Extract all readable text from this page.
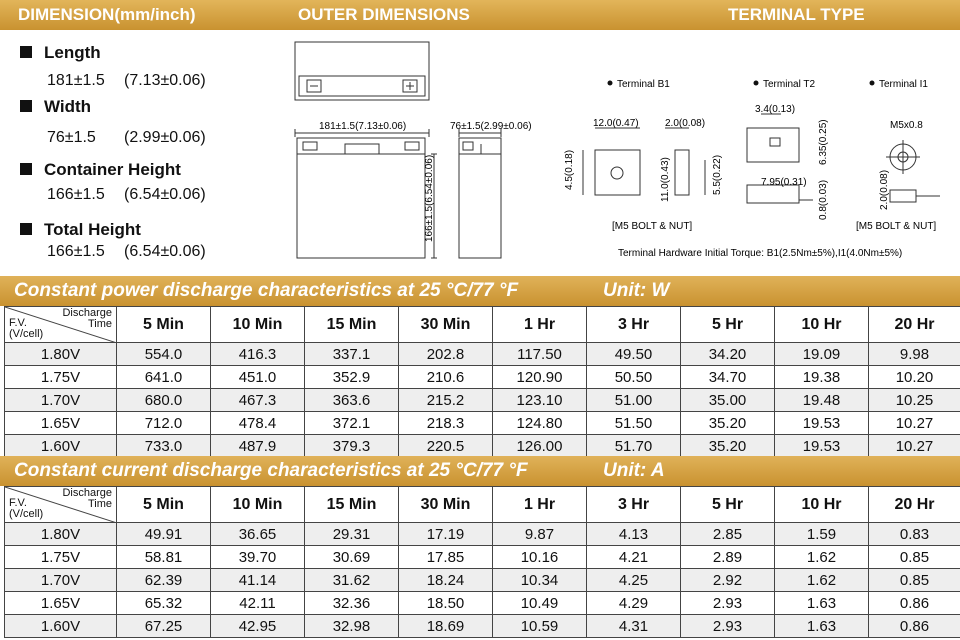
DIMENSION(mm/inch)	OUTER DIMENSIONS	TERMINAL TYPE
Length
181±1.5 (7.13±0.06)
Width
76±1.5 (2.99±0.06)
Container Height
166±1.5 (6.54±0.06)
Total Height
166±1.5 (6.54±0.06)
181±1.5(7.13±0.06)
166±1.5(6.54±0.06)
76±1.5(2.99±0.06)
Terminal B1	Terminal T2	Terminal I1
12.0(0.47)	2.0(0.08)
4.5(0.18)	11.0(0.43)	5.5(0.22)
[M5 BOLT & NUT]
3.4(0.13)
6.35(0.25)
7.95(0.31) 0.8(0.03)
M5x0.8
2.0(0.08)
[M5 BOLT & NUT]
Terminal Hardware Initial Torque: B1(2.5Nm±5%),I1(4.0Nm±5%)
Constant power discharge characteristics at 25 °C/77 °F	Unit: W
Discharge
Time
F.V.
(V/cell)	5 Min	10 Min	15 Min	30 Min	1 Hr	3 Hr	5 Hr	10 Hr	20 Hr
1.80V	554.0	416.3	337.1	202.8	117.50	49.50	34.20	19.09	9.98
1.75V	641.0	451.0	352.9	210.6	120.90	50.50	34.70	19.38	10.20
1.70V	680.0	467.3	363.6	215.2	123.10	51.00	35.00	19.48	10.25
1.65V	712.0	478.4	372.1	218.3	124.80	51.50	35.20	19.53	10.27
1.60V	733.0	487.9	379.3	220.5	126.00	51.70	35.20	19.53	10.27
Constant current discharge characteristics at 25 °C/77 °F	Unit: A
Discharge
Time
F.V.
(V/cell)	5 Min	10 Min	15 Min	30 Min	1 Hr	3 Hr	5 Hr	10 Hr	20 Hr
1.80V	49.91	36.65	29.31	17.19	9.87	4.13	2.85	1.59	0.83
1.75V	58.81	39.70	30.69	17.85	10.16	4.21	2.89	1.62	0.85
1.70V	62.39	41.14	31.62	18.24	10.34	4.25	2.92	1.62	0.85
1.65V	65.32	42.11	32.36	18.50	10.49	4.29	2.93	1.63	0.86
1.60V	67.25	42.95	32.98	18.69	10.59	4.31	2.93	1.63	0.86
